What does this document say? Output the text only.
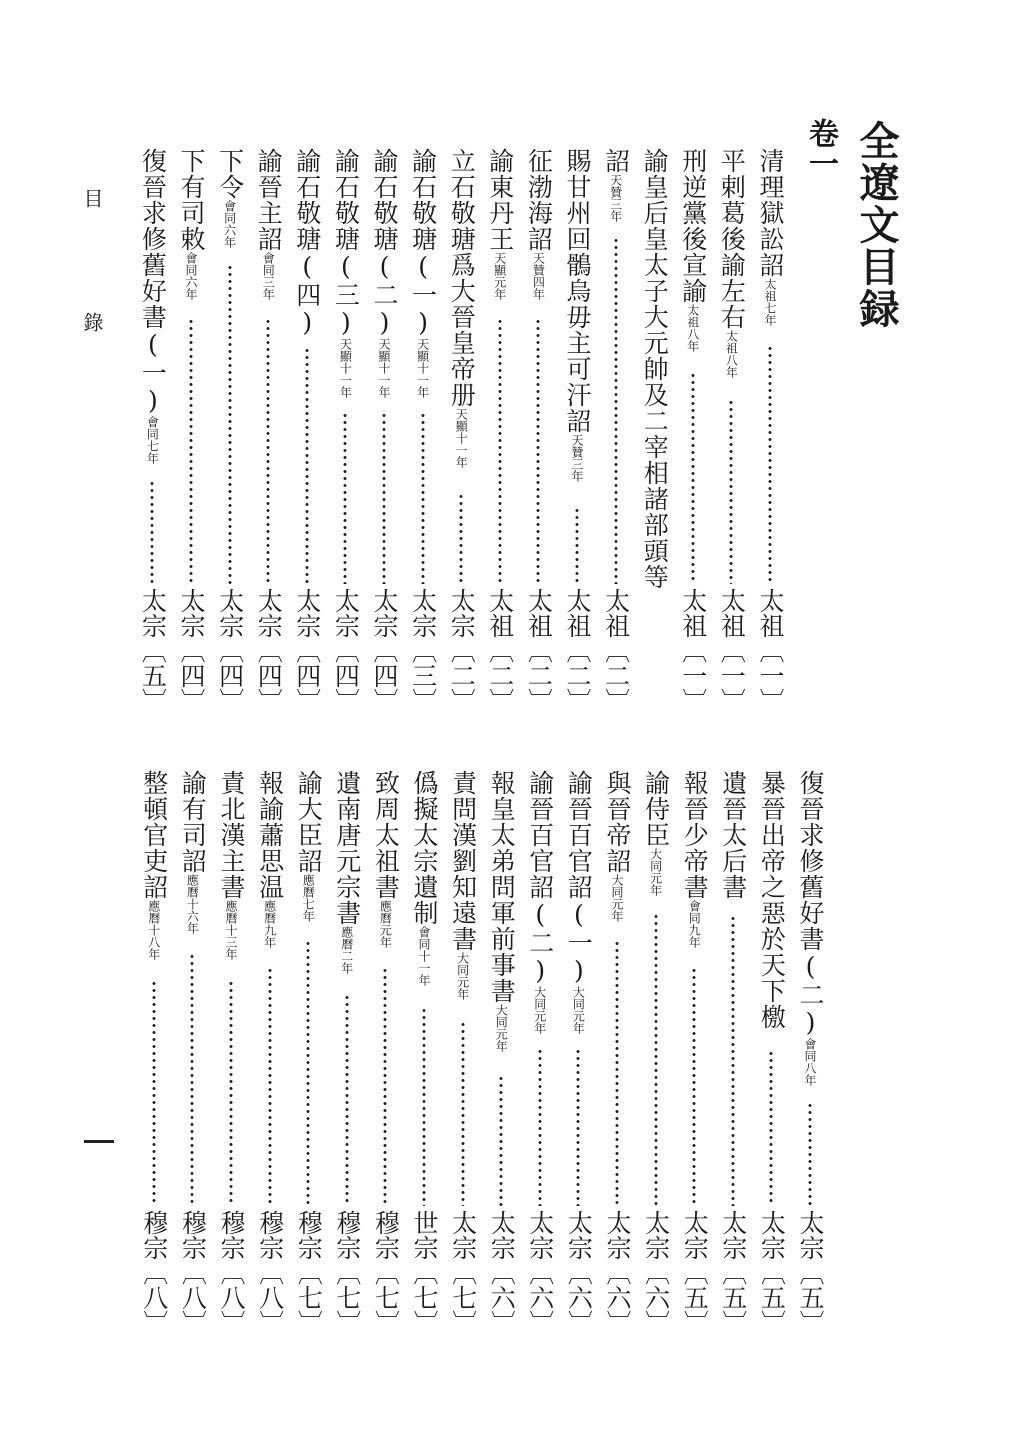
全遼文目録
卷一
清理獄訟詔太祖七年
太祖〔一〕
平剌葛後諭左右太祖八年
太祖〔一〕
刑逆黨後宣諭太祖八年
太祖〔一〕
諭皇后皇太子大元帥及二宰相諸部頭等
詔天贊三年
太祖〔二〕
賜甘州回鶻烏毋主可汗詔天贊三年
太祖〔二〕
征渤海詔天贊四年
太祖〔二〕
諭東丹王天顯元年
太祖〔二〕
立石敬瑭爲大晉皇帝册天顯十一年
太宗〔二〕
諭石敬瑭(一)天顯十一年
太宗〔三〕
諭石敬瑭(二)天顯十一年
太宗〔四〕
諭石敬瑭(三)天顯十一年
太宗〔四〕
諭石敬瑭(四)
太宗〔四〕
諭晉主詔會同三年
太宗〔四〕
下令會同六年
太宗〔四〕
下有司敕會同六年
太宗〔四〕
復晉求修舊好書(一)會同七年
太宗〔五〕
復晉求修舊好書(二)會同八年
太宗〔五〕
暴晉出帝之惡於天下檄
太宗〔五〕
遺晉太后書
太宗〔五〕
報晉少帝書會同九年
太宗〔五〕
諭侍臣大同元年
太宗〔六〕
與晉帝詔大同元年
太宗〔六〕
諭晉百官詔(一)大同元年
太宗〔六〕
諭晉百官詔(二)大同元年
太宗〔六〕
報皇太弟問軍前事書大同元年
太宗〔六〕
責問漢劉知遠書大同元年
太宗〔七〕
僞擬太宗遺制會同十一年
世宗〔七〕
致周太祖書應曆元年
穆宗〔七〕
遺南唐元宗書應曆二年
穆宗〔七〕
諭大臣詔應曆七年
穆宗〔七〕
報諭蕭思温應曆九年
穆宗〔八〕
責北漢主書應曆十三年
穆宗〔八〕
諭有司詔應曆十六年
穆宗〔八〕
整頓官吏詔應曆十八年
穆宗〔八〕
目 錄
